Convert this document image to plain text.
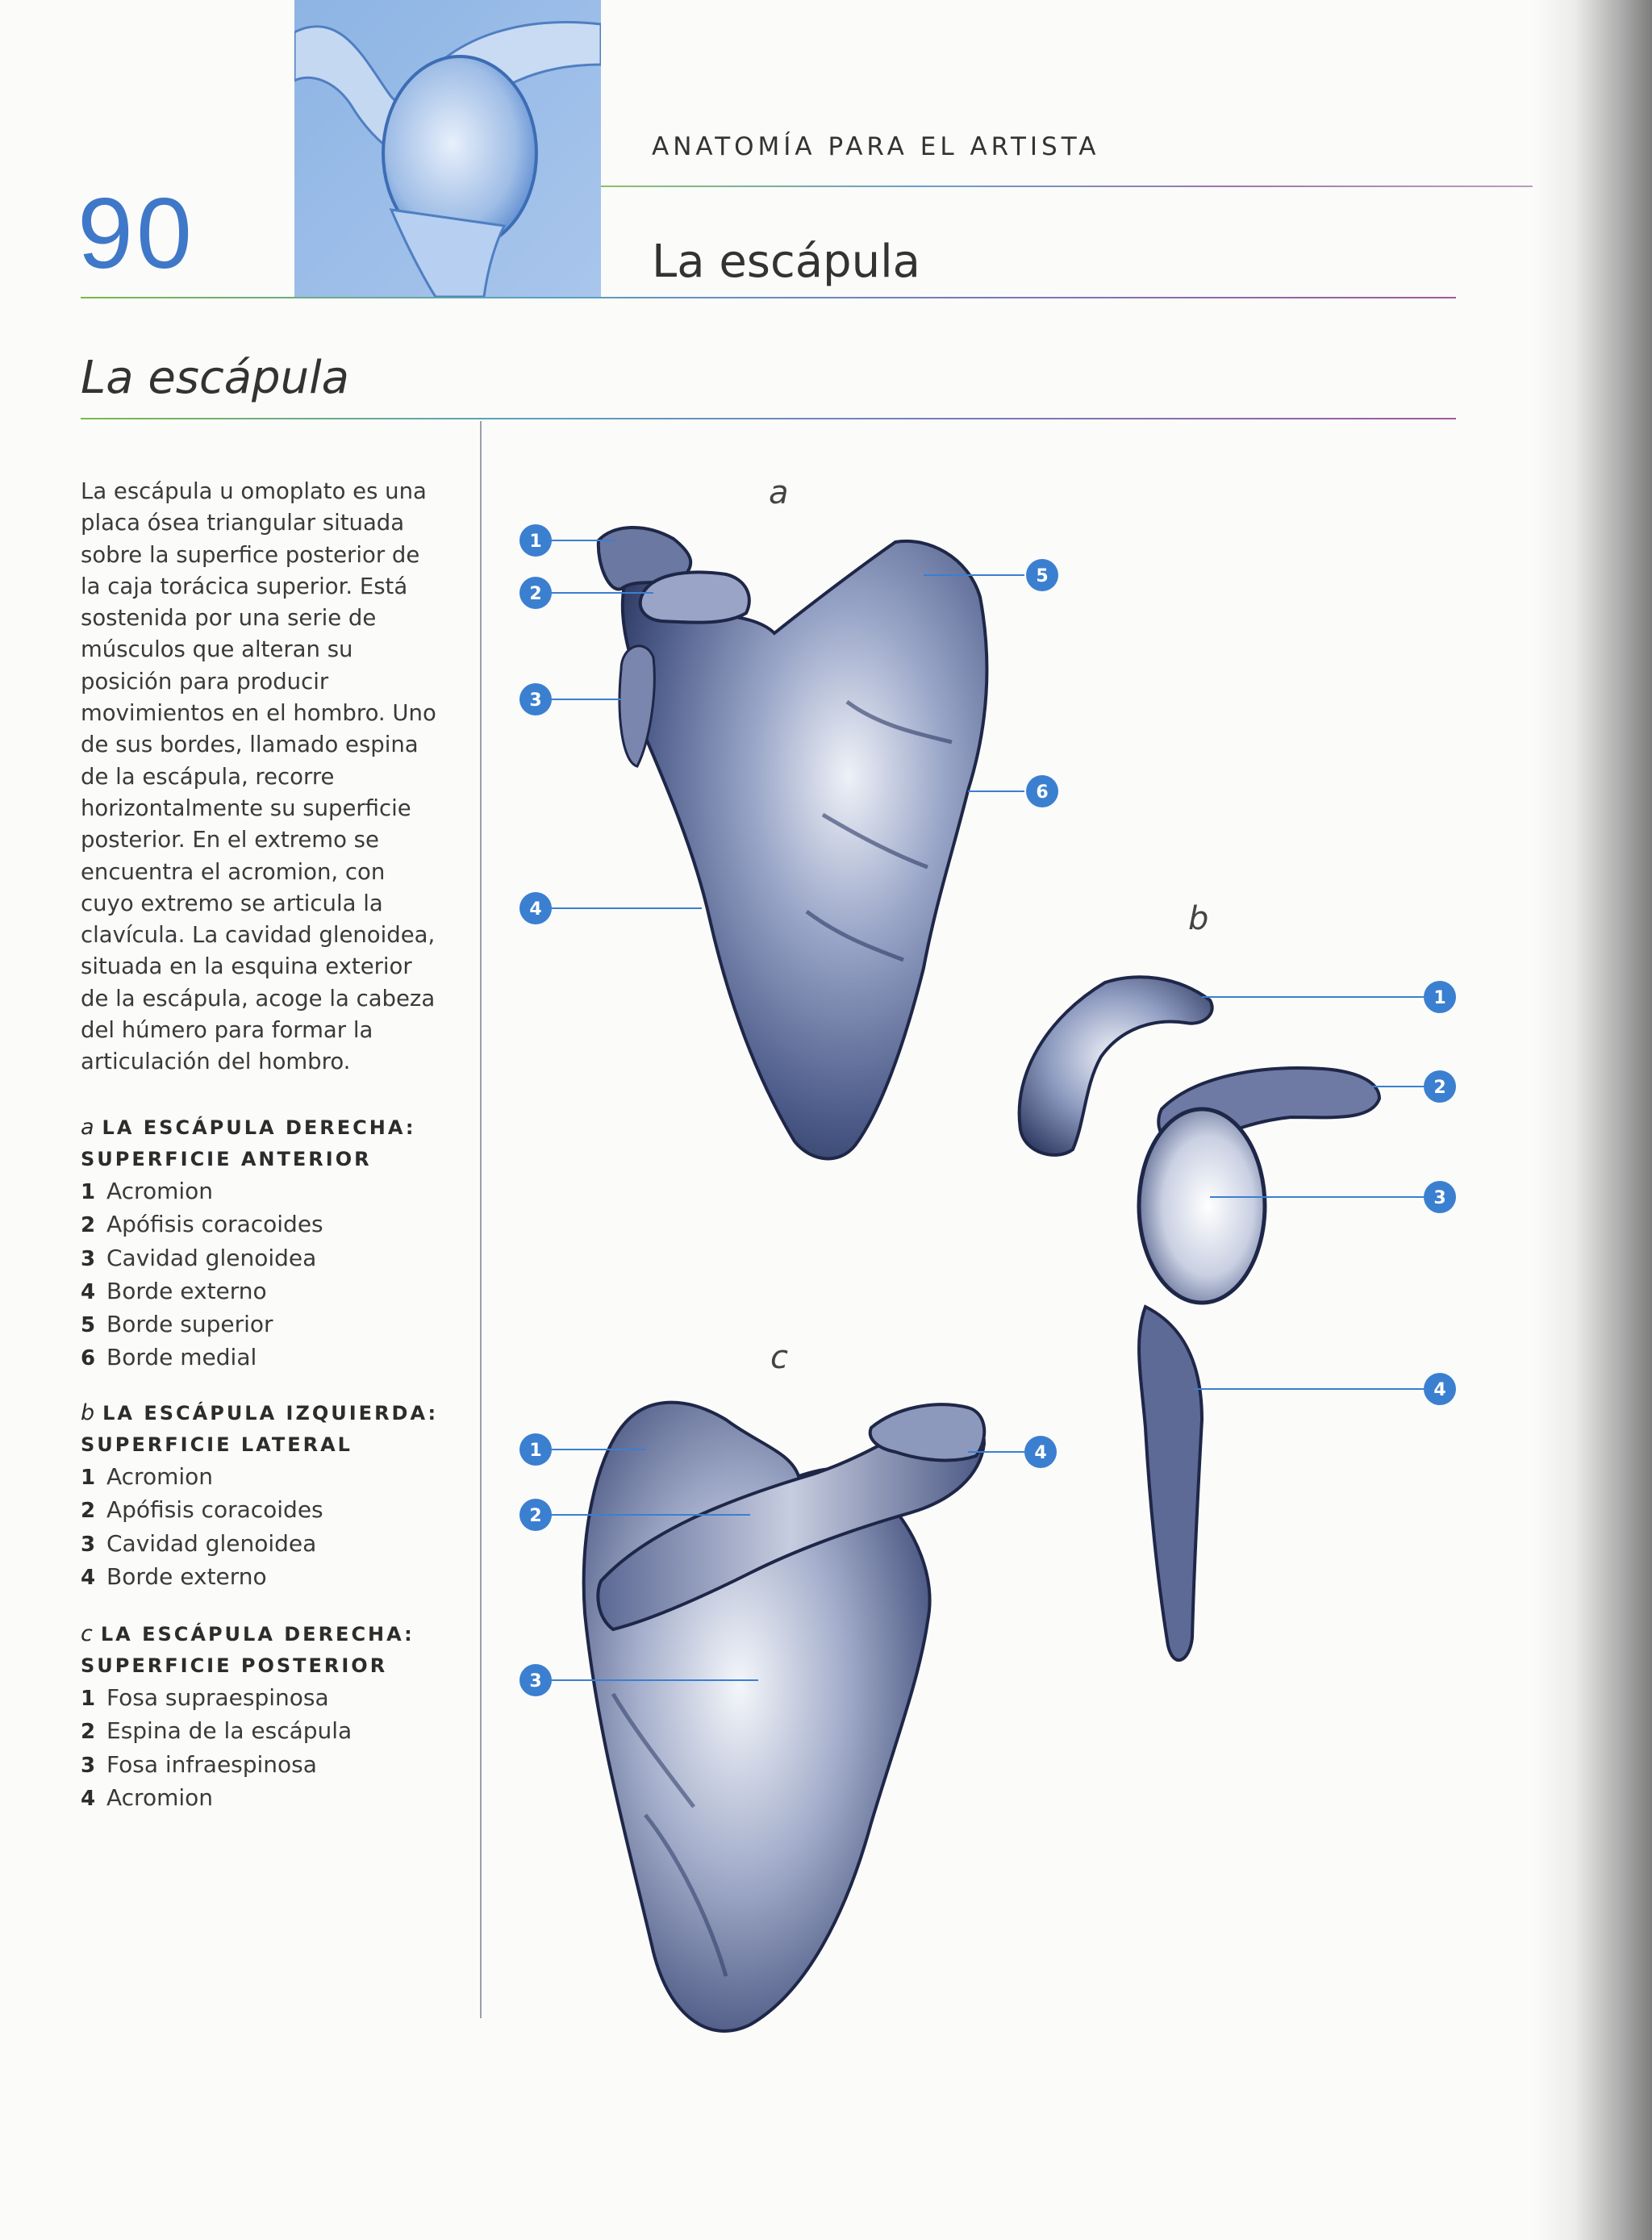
90
ANATOMÍA PARA EL ARTISTA
La escápula
La escápula
La escápula u omoplato es una placa ósea triangular situada sobre la superfice posterior de la caja torácica superior. Está sostenida por una serie de músculos que alteran su posición para producir movimientos en el hombro. Uno de sus bordes, llamado espina de la escápula, recorre horizontalmente su superficie posterior. En el extremo se encuentra el acromion, con cuyo extremo se articula la clavícula. La cavidad glenoidea, situada en la esquina exterior de la escápula, acoge la cabeza del húmero para formar la articulación del hombro.
a LA ESCÁPULA DERECHA:
SUPERFICIE ANTERIOR
1 Acromion
2 Apófisis coracoides
3 Cavidad glenoidea
4 Borde externo
5 Borde superior
6 Borde medial
b LA ESCÁPULA IZQUIERDA:
SUPERFICIE LATERAL
1 Acromion
2 Apófisis coracoides
3 Cavidad glenoidea
4 Borde externo
c LA ESCÁPULA DERECHA:
SUPERFICIE POSTERIOR
1 Fosa supraespinosa
2 Espina de la escápula
3 Fosa infraespinosa
4 Acromion
a
b
c
1
2
3
4
5
6
1
2
3
4
1
2
3
4
